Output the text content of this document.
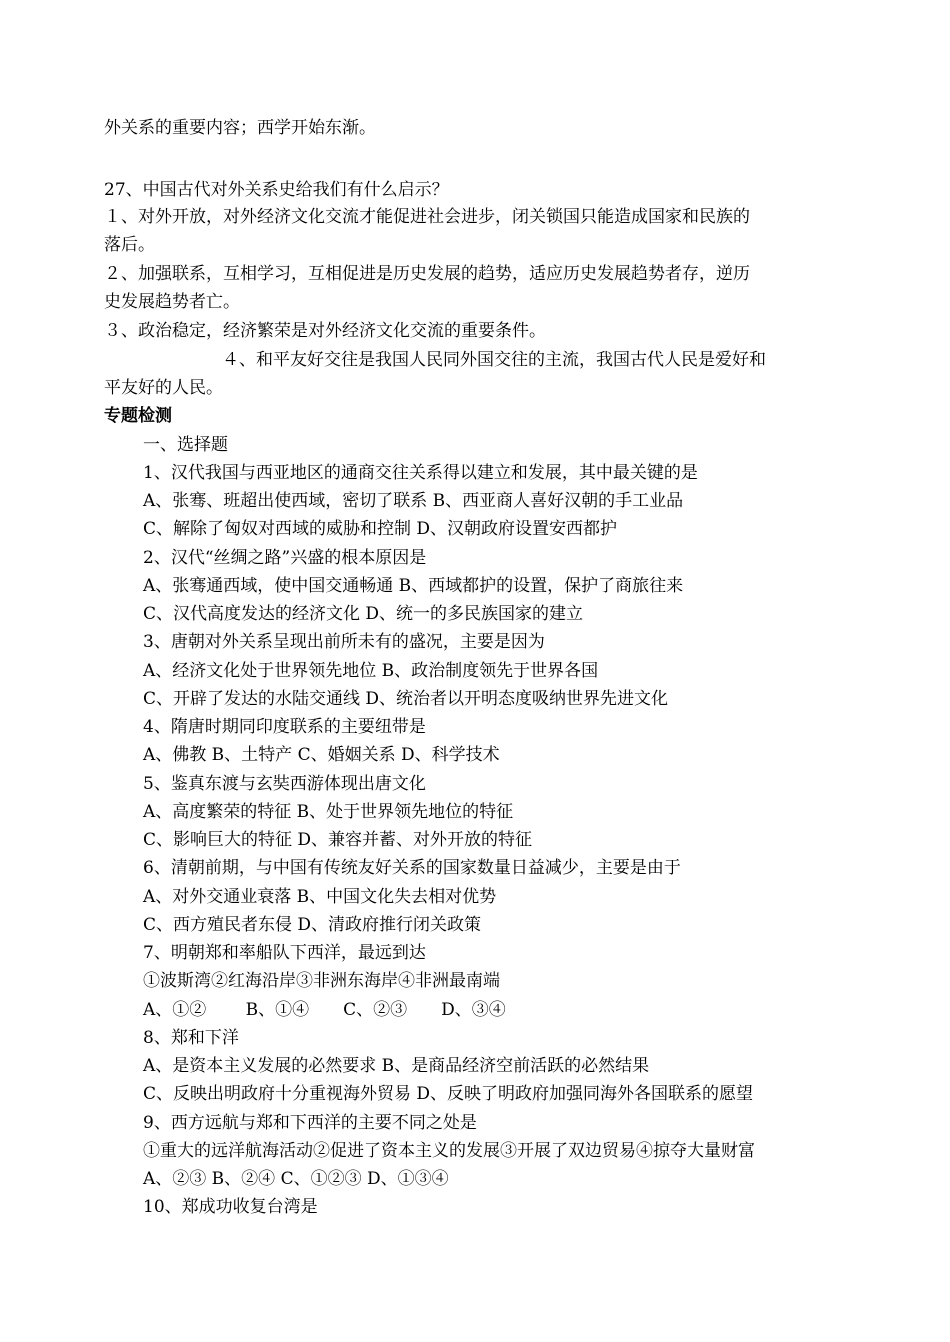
外关系的重要内容；西学开始东渐。
27、中国古代对外关系史给我们有什么启示？
１、对外开放，对外经济文化交流才能促进社会进步，闭关锁国只能造成国家和民族的
落后。
２、加强联系，互相学习，互相促进是历史发展的趋势，适应历史发展趋势者存，逆历
史发展趋势者亡。
３、政治稳定，经济繁荣是对外经济文化交流的重要条件。
４、和平友好交往是我国人民同外国交往的主流，我国古代人民是爱好和
平友好的人民。
专题检测
一、选择题
1、汉代我国与西亚地区的通商交往关系得以建立和发展，其中最关键的是
A、张骞、班超出使西域，密切了联系 B、西亚商人喜好汉朝的手工业品
C、解除了匈奴对西域的威胁和控制 D、汉朝政府设置安西都护
2、汉代“丝绸之路”兴盛的根本原因是
A、张骞通西域，使中国交通畅通 B、西域都护的设置，保护了商旅往来
C、汉代高度发达的经济文化 D、统一的多民族国家的建立
3、唐朝对外关系呈现出前所未有的盛况，主要是因为
A、经济文化处于世界领先地位 B、政治制度领先于世界各国
C、开辟了发达的水陆交通线 D、统治者以开明态度吸纳世界先进文化
4、隋唐时期同印度联系的主要纽带是
A、佛教 B、土特产 C、婚姻关系 D、科学技术
5、鉴真东渡与玄奘西游体现出唐文化
A、高度繁荣的特征 B、处于世界领先地位的特征
C、影响巨大的特征 D、兼容并蓄、对外开放的特征
6、清朝前期，与中国有传统友好关系的国家数量日益减少，主要是由于
A、对外交通业衰落 B、中国文化失去相对优势
C、西方殖民者东侵 D、清政府推行闭关政策
7、明朝郑和率船队下西洋，最远到达
①波斯湾②红海沿岸③非洲东海岸④非洲最南端
A、①②　　 B、①④　　C、②③　　D、③④
8、郑和下洋
A、是资本主义发展的必然要求 B、是商品经济空前活跃的必然结果
C、反映出明政府十分重视海外贸易 D、反映了明政府加强同海外各国联系的愿望
9、西方远航与郑和下西洋的主要不同之处是
①重大的远洋航海活动②促进了资本主义的发展③开展了双边贸易④掠夺大量财富
A、②③ B、②④ C、①②③ D、①③④
10、郑成功收复台湾是
